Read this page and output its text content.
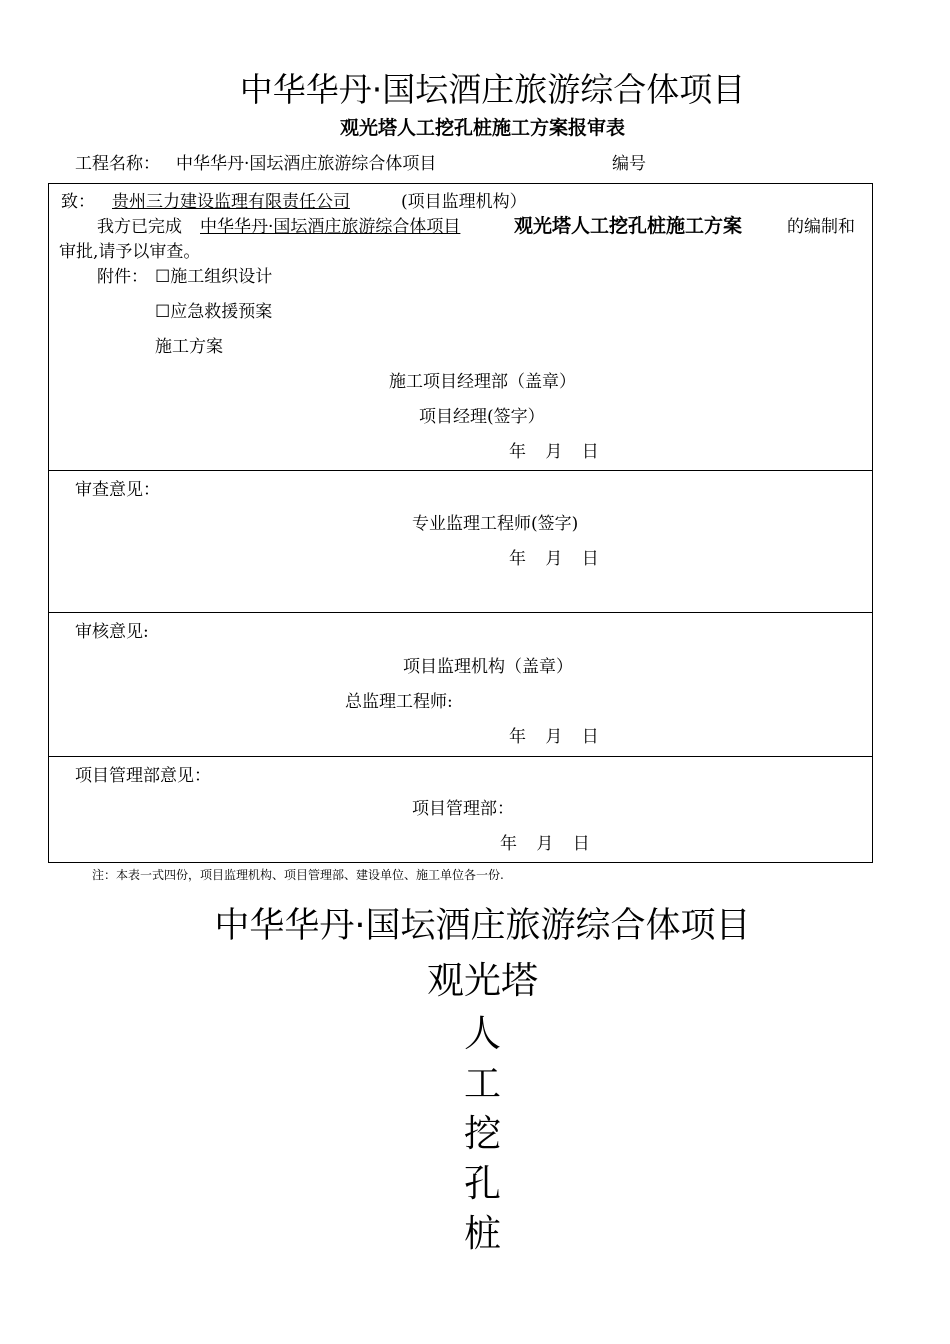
中华华丹·国坛酒庄旅游综合体项目
观光塔人工挖孔桩施工方案报审表
工程名称： 中华华丹·国坛酒庄旅游综合体项目	编号
致： 贵州三力建设监理有限责任公司	(项目监理机构）
我方已完成	中华华丹·国坛酒庄旅游综合体项目	观光塔人工挖孔桩施工方案	的编制和
审批,请予以审查。
附件： ☐施工组织设计
☐应急救援预案
施工方案
施工项目经理部（盖章）
项目经理(签字）
年 月 日
审查意见：
专业监理工程师(签字)
年 月 日
审核意见:
项目监理机构（盖章）
总监理工程师:
年 月 日
项目管理部意见：
项目管理部：
年 月 日
注：本表一式四份，项目监理机构、项目管理部、建设单位、施工单位各一份.
中华华丹·国坛酒庄旅游综合体项目
观光塔
人
工
挖
孔
桩
